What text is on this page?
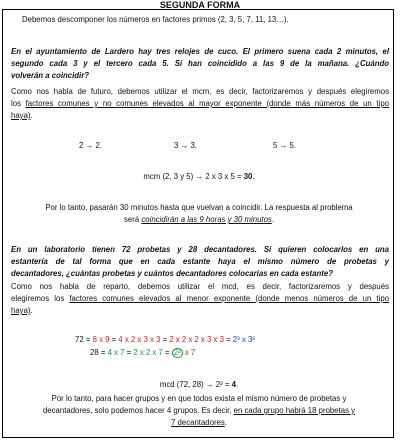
SEGUNDA FORMA
Debemos descomponer los números en factores primos (2, 3, 5, 7, 11, 13…).
En el ayuntamiento de Lardero hay tres relojes de cuco. El primero suena cada 2 minutos, el
segundo cada 3 y el tercero cada 5. Si han coincidido a las 9 de la mañana. ¿Cuándo
volverán a coincidir?
Como nos habla de futuro, debemos utilizar el mcm, es decir, factorizaremos y después elegiremos
los factores comunes y no comunes elevados al mayor exponente (donde más números de un tipo
haya).
2 → 2.	3 → 3.	5 → 5.
mcm (2, 3 y 5) → 2 x 3 x 5 = 30.
Por lo tanto, pasarán 30 minutos hasta que vuelvan a coincidir. La respuesta al problema
será coincidirán a las 9 horas y 30 minutos.
En un laboratorio tienen 72 probetas y 28 decantadores. Si quieren colocarlos en una
estantería de tal forma que en cada estante haya el mismo número de probetas y
decantadores, ¿cuántas probetas y cuántos decantadores colocarías en cada estante?
Como nos habla de reparto, debemos utilizar el mcd, es decir, factorizaremos y después
elegiremos los factores comunes elevados al menor exponente (donde menos números de un tipo
haya).
72 = 8 x 9 = 4 x 2 x 3 x 3 = 2 x 2 x 2 x 3 x 3 = 2³ x 3²
28 = 4 x 7 = 2 x 2 x 7 = 2² x 7
mcd (72, 28) → 2² = 4.
Por lo tanto, para hacer grupos y en que todos exista el mismo número de probetas y
decantadores, solo podemos hacer 4 grupos. Es decir, en cada grupo habrá 18 probetas y
7 decantadores.
